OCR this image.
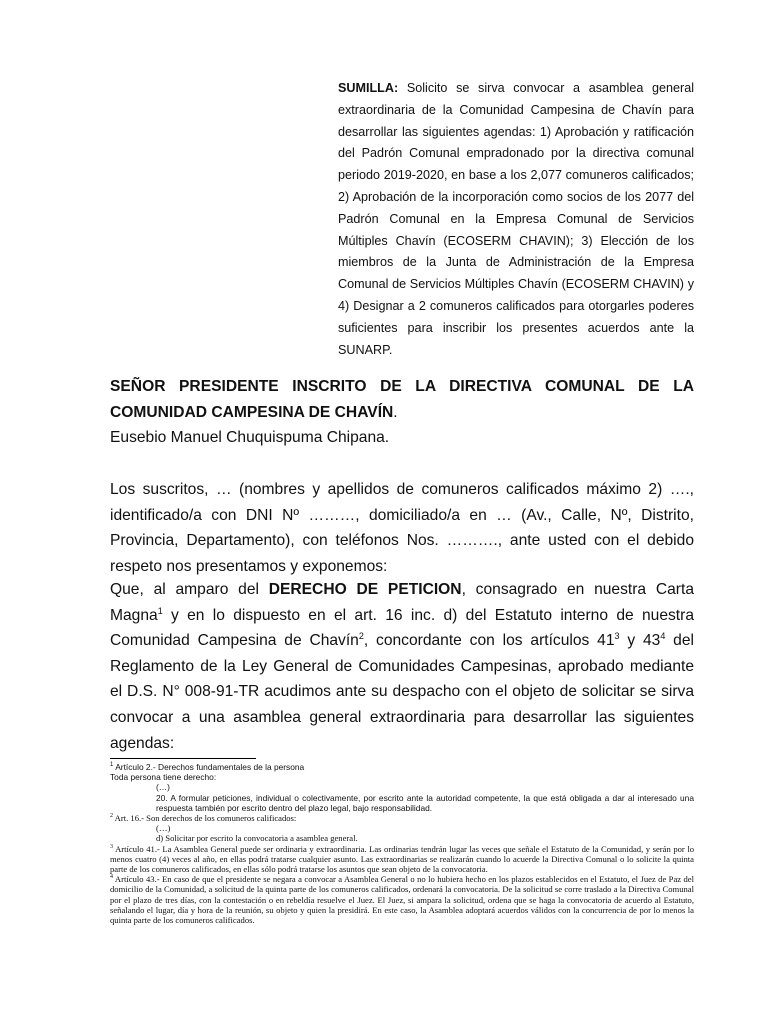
SUMILLA: Solicito se sirva convocar a asamblea general extraordinaria de la Comunidad Campesina de Chavín para desarrollar las siguientes agendas: 1) Aprobación y ratificación del Padrón Comunal empradonado por la directiva comunal periodo 2019-2020, en base a los 2,077 comuneros calificados; 2) Aprobación de la incorporación como socios de los 2077 del Padrón Comunal en la Empresa Comunal de Servicios Múltiples Chavín (ECOSERM CHAVIN); 3) Elección de los miembros de la Junta de Administración de la Empresa Comunal de Servicios Múltiples Chavín (ECOSERM CHAVIN) y 4) Designar a 2 comuneros calificados para otorgarles poderes suficientes para inscribir los presentes acuerdos ante la SUNARP.
SEÑOR PRESIDENTE INSCRITO DE LA DIRECTIVA COMUNAL DE LA COMUNIDAD CAMPESINA DE CHAVÍN.
Eusebio Manuel Chuquispuma Chipana.
Los suscritos, … (nombres y apellidos de comuneros calificados máximo 2) …., identificado/a con DNI Nº ………, domiciliado/a en … (Av., Calle, Nº, Distrito, Provincia, Departamento), con teléfonos Nos. ………., ante usted con el debido respeto nos presentamos y exponemos:
Que, al amparo del DERECHO DE PETICION, consagrado en nuestra Carta Magna$^1$ y en lo dispuesto en el art. 16 inc. d) del Estatuto interno de nuestra Comunidad Campesina de Chavín$^2$, concordante con los artículos $41^3$ y $43^4$ del Reglamento de la Ley General de Comunidades Campesinas, aprobado mediante el D.S. N° 008-91-TR acudimos ante su despacho con el objeto de solicitar se sirva convocar a una asamblea general extraordinaria para desarrollar las siguientes agendas:

$^1$ Artículo 2.- Derechos fundamentales de la persona

Toda persona tiene derecho:

(…)

20. A formular peticiones, individual o colectivamente, por escrito ante la autoridad competente, la que está obligada a dar al interesado una respuesta también por escrito dentro del plazo legal, bajo responsabilidad.

$^2$ Art. 16.- Son derechos de los comuneros calificados:

(…)

d) Solicitar por escrito la convocatoria a asamblea general.

$^3$ Artículo 41.- La Asamblea General puede ser ordinaria y extraordinaria. Las ordinarias tendrán lugar las veces que señale el Estatuto de la Comunidad, y serán por lo menos cuatro (4) veces al año, en ellas podrá tratarse cualquier asunto. Las extraordinarias se realizarán cuando lo acuerde la Directiva Comunal o lo solicite la quinta parte de los comuneros calificados, en ellas sólo podrá tratarse los asuntos que sean objeto de la convocatoria.

$^4$ Artículo 43.- En caso de que el presidente se negara a convocar a Asamblea General o no lo hubiera hecho en los plazos establecidos en el Estatuto, el Juez de Paz del domicilio de la Comunidad, a solicitud de la quinta parte de los comuneros calificados, ordenará la convocatoria. De la solicitud se corre traslado a la Directiva Comunal por el plazo de tres días, con la contestación o en rebeldía resuelve el Juez. El Juez, si ampara la solicitud, ordena que se haga la convocatoria de acuerdo al Estatuto, señalando el lugar, día y hora de la reunión, su objeto y quien la presidirá. En este caso, la Asamblea adoptará acuerdos válidos con la concurrencia de por lo menos la quinta parte de los comuneros calificados.
